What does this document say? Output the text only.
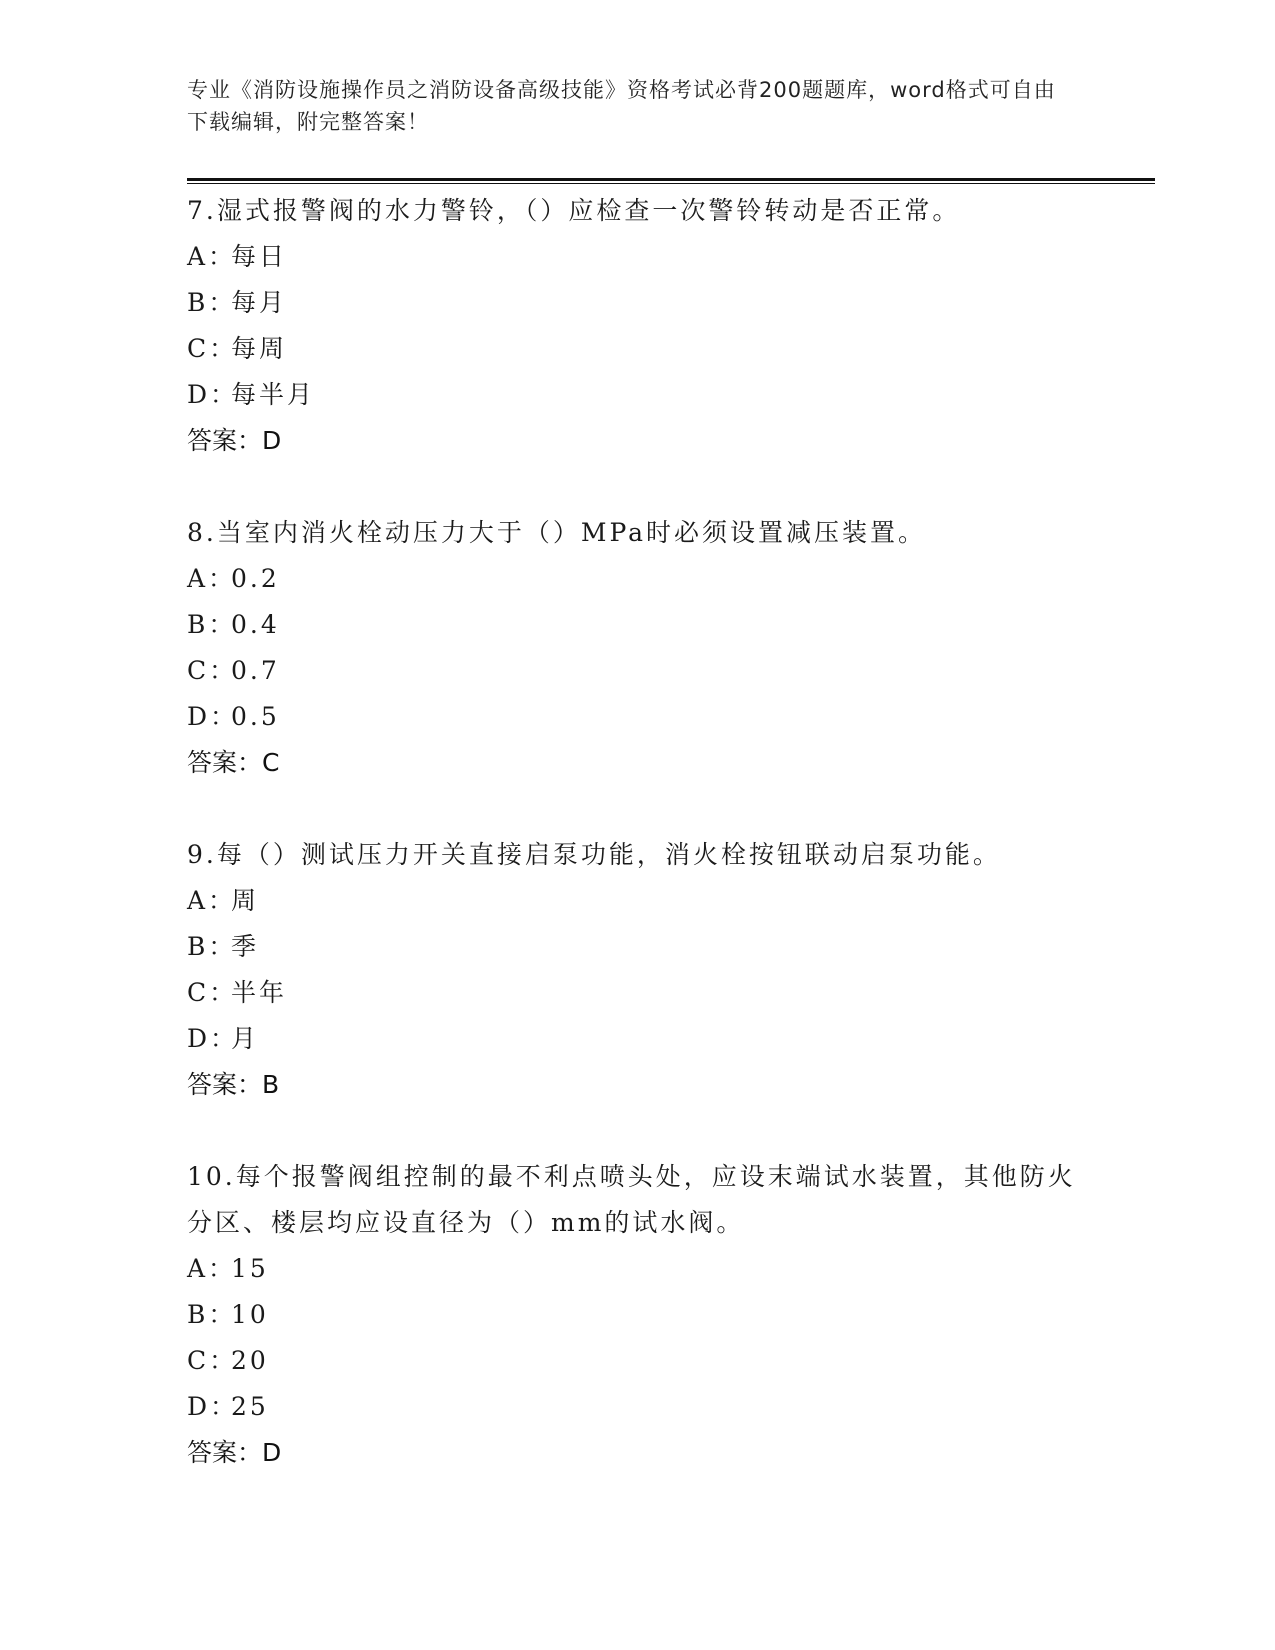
专业《消防设施操作员之消防设备高级技能》资格考试必背200题题库，word格式可自由下载编辑，附完整答案！
7.湿式报警阀的水力警铃，（）应检查一次警铃转动是否正常。
A：
每日
B：
每月
C：
每周
D：
每半月
答案：D
8.当室内消火栓动压力大于（）MPa时必须设置减压装置。
A：
0.2
B：
0.4
C：
0.7
D：
0.5
答案：C
9.每（）测试压力开关直接启泵功能，消火栓按钮联动启泵功能。
A：
周
B：
季
C：
半年
D：
月
答案：B
10.每个报警阀组控制的最不利点喷头处，应设末端试水装置，其他防火分区、楼层均应设直径为（）mm的试水阀。
A：
15
B：
10
C：
20
D：
25
答案：D
